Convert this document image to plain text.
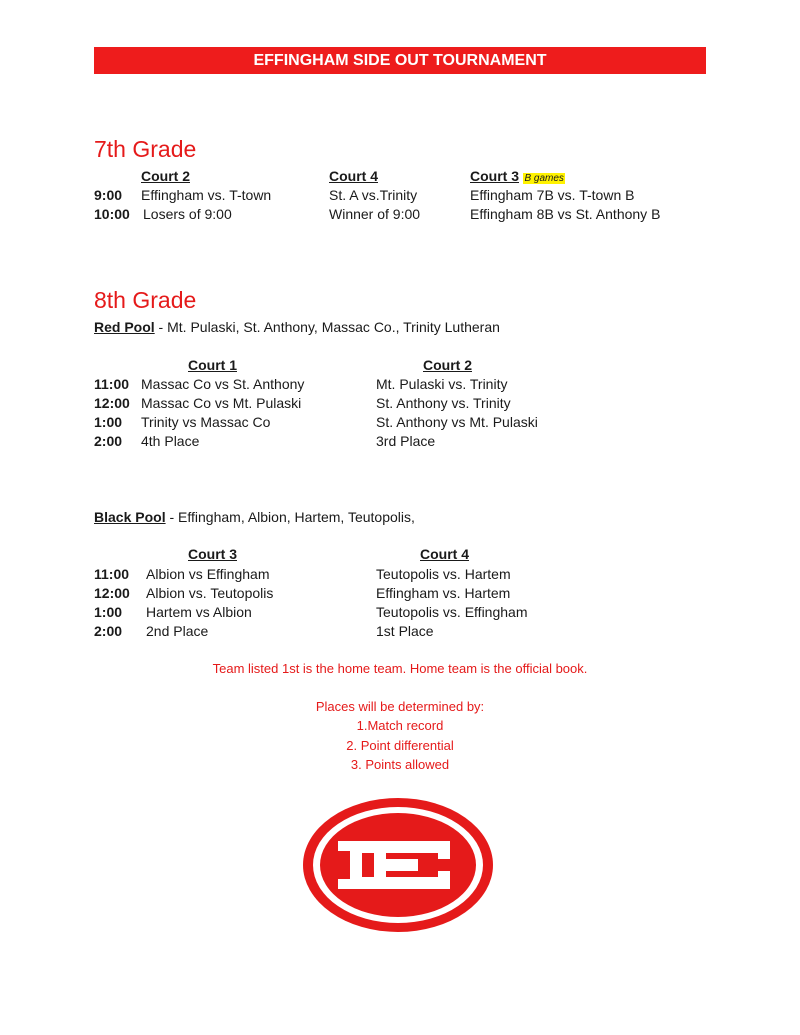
EFFINGHAM SIDE OUT TOURNAMENT
7th Grade
Court 2	Court 4	Court 3 B games
9:00 Effingham vs. T-town	St. A vs.Trinity	Effingham 7B vs. T-town B
10:00 Losers of 9:00	Winner of 9:00	Effingham 8B vs St. Anthony B
8th Grade
Red Pool - Mt. Pulaski, St. Anthony, Massac Co., Trinity Lutheran
Court 1	Court 2
11:00 Massac Co vs St. Anthony	Mt. Pulaski vs. Trinity
12:00 Massac Co vs Mt. Pulaski	St. Anthony vs. Trinity
1:00 Trinity vs Massac Co	St. Anthony vs Mt. Pulaski
2:00 4th Place	3rd Place
Black Pool - Effingham, Albion, Hartem, Teutopolis,
Court 3	Court 4
11:00 Albion vs Effingham	Teutopolis vs. Hartem
12:00 Albion vs. Teutopolis	Effingham vs. Hartem
1:00 Hartem vs Albion	Teutopolis vs. Effingham
2:00 2nd Place	1st Place
Team listed 1st is the home team. Home team is the official book.
Places will be determined by:
1.Match record
2. Point differential
3. Points allowed
